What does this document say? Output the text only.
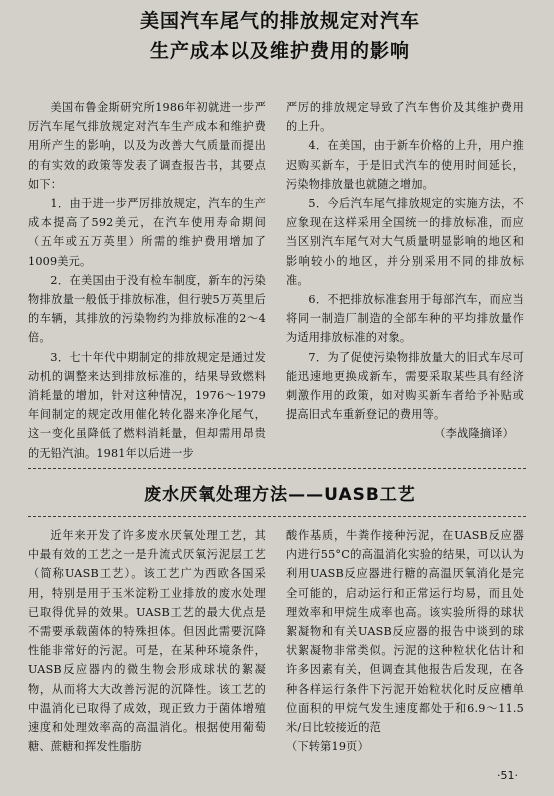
美国汽车尾气的排放规定对汽车
生产成本以及维护费用的影响

美国布鲁金斯研究所1986年初就进一步严厉汽车尾气排放规定对汽车生产成本和维护费用所产生的影响，以及为改善大气质量而提出的有实效的政策等发表了调查报告书，其要点如下：

1．由于进一步严厉排放规定，汽车的生产成本提高了592美元，在汽车使用寿命期间（五年或五万英里）所需的维护费用增加了1009美元。

2．在美国由于没有检车制度，新车的污染物排放量一般低于排放标准，但行驶5万英里后的车辆，其排放的污染物约为排放标准的2～4倍。

3．七十年代中期制定的排放规定是通过发动机的调整来达到排放标准的，结果导致燃料消耗量的增加，针对这种情况，1976～1979年间制定的规定改用催化转化器来净化尾气，这一变化虽降低了燃料消耗量，但却需用昂贵的无铅汽油。1981年以后进一步

严厉的排放规定导致了汽车售价及其维护费用的上升。

4．在美国，由于新车价格的上升，用户推迟购买新车，于是旧式汽车的使用时间延长，污染物排放量也就随之增加。

5．今后汽车尾气排放规定的实施方法，不应象现在这样采用全国统一的排放标准，而应当区别汽车尾气对大气质量明显影响的地区和影响较小的地区，并分别采用不同的排放标准。

6．不把排放标准套用于每部汽车，而应当将同一制造厂制造的全部车种的平均排放量作为适用排放标准的对象。

7．为了促使污染物排放量大的旧式车尽可能迅速地更换成新车，需要采取某些具有经济刺激作用的政策，如对购买新车者给予补贴或提高旧式车重新登记的费用等。

（李战隆摘译）

废水厌氧处理方法——UASB工艺

近年来开发了许多废水厌氧处理工艺，其中最有效的工艺之一是升流式厌氧污泥层工艺（简称UASB工艺）。该工艺广为西欧各国采用，特别是用于玉米淀粉工业排放的废水处理已取得优异的效果。UASB工艺的最大优点是不需要承载菌体的特殊担体。但因此需要沉降性能非常好的污泥。可是，在某种环境条件，UASB反应器内的微生物会形成球状的絮凝物，从而将大大改善污泥的沉降性。该工艺的中温消化已取得了成效，现正致力于菌体增殖速度和处理效率高的高温消化。根据使用葡萄糖、蔗糖和挥发性脂肪

酸作基质，牛粪作接种污泥，在UASB反应器内进行55°C的高温消化实验的结果，可以认为利用UASB反应器进行糖的高温厌氧消化是完全可能的，启动运行和正常运行均易，而且处理效率和甲烷生成率也高。该实验所得的球状絮凝物和有关UASB反应器的报告中谈到的球状絮凝物非常类似。污泥的这种粒状化估计和许多因素有关，但调查其他报告后发现，在各种各样运行条件下污泥开始粒状化时反应槽单位面积的甲烷气发生速度都处于和6.9～11.5米/日比较接近的范

（下转第19页）

·51·
